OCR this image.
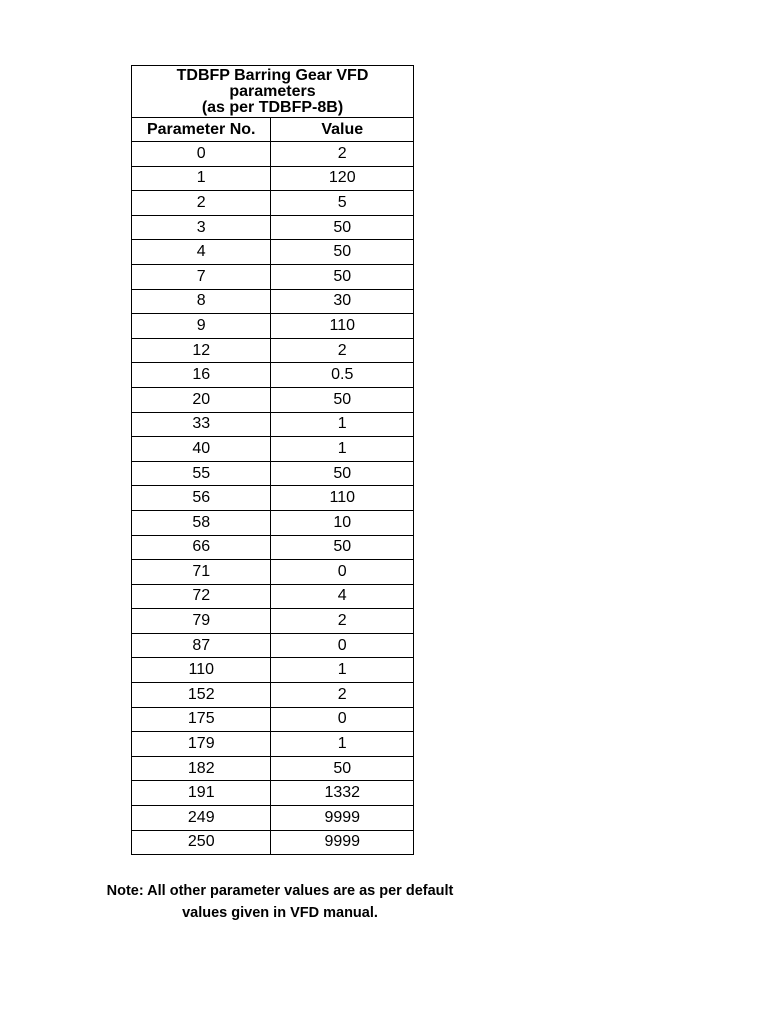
TDBFP Barring Gear VFD parameters
(as per TDBFP-8B)	

Parameter No.	Value
0	2
1	120
2	5
3	50
4	50
7	50
8	30
9	110
12	2
16	0.5
20	50
33	1
40	1
55	50
56	110
58	10
66	50
71	0
72	4
79	2
87	0
110	1
152	2
175	0
179	1
182	50
191	1332
249	9999
250	9999
Note: All other parameter values are as per default
values given in VFD manual.
